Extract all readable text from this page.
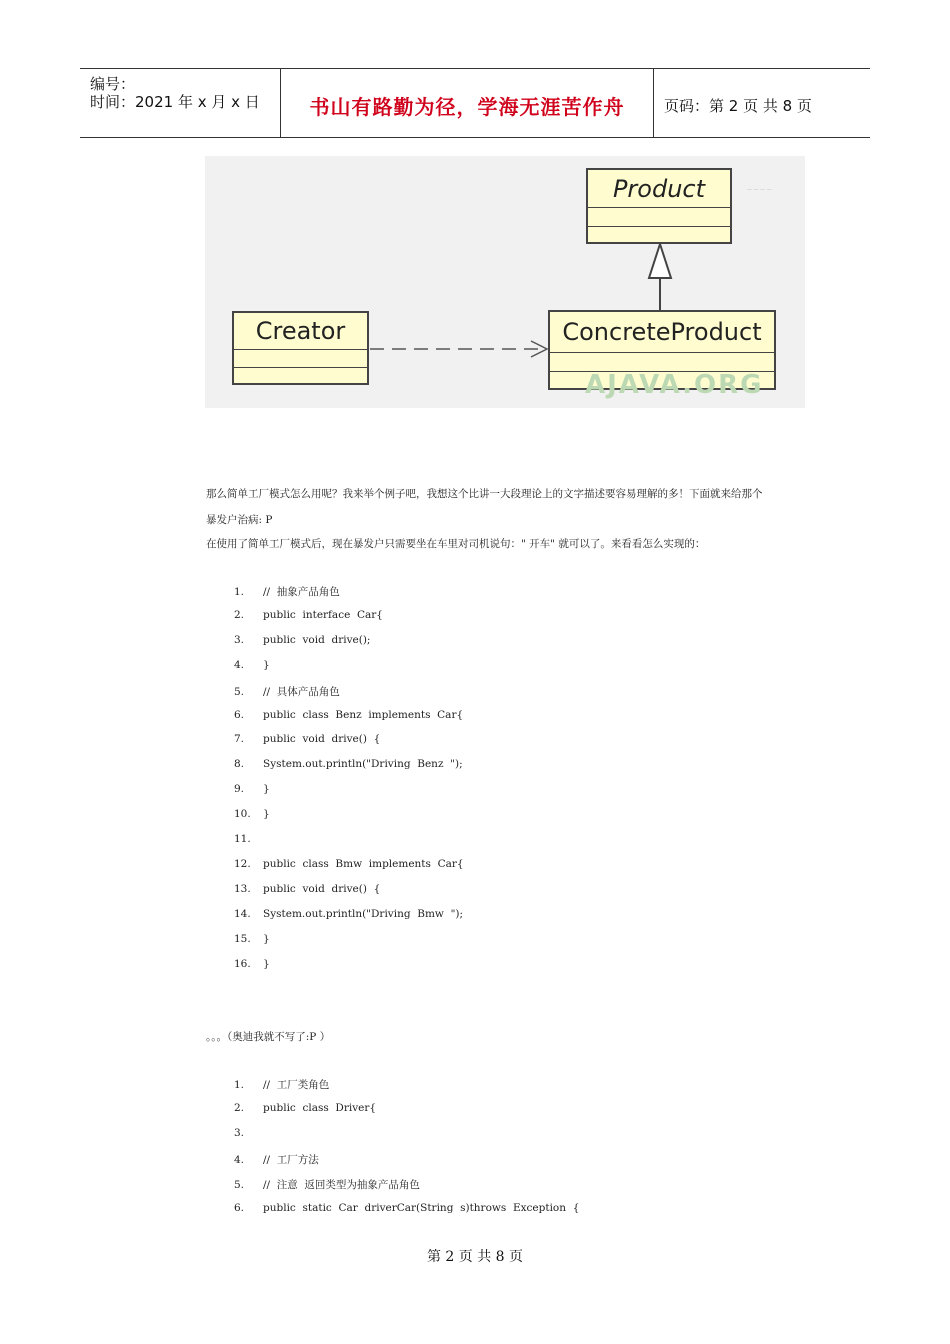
编号：
时间：2021 年 x 月 x 日	书山有路勤为径，学海无涯苦作舟	页码：第 2 页 共 8 页
Product
ConcreteProduct
Creator
— — — —
AJAVA.ORG
那么简单工厂模式怎么用呢？我来举个例子吧，我想这个比讲一大段理论上的文字描述要容易理解的多！下面就来给那个
暴发户治病: P
在使用了简单工厂模式后，现在暴发户只需要坐在车里对司机说句：" 开车" 就可以了。来看看怎么实现的：
1. //  抽象产品角色
2. public  interface  Car{
3. public  void  drive();
4. }
5. //  具体产品角色
6. public  class  Benz  implements  Car{
7. public  void  drive()  {
8. System.out.println("Driving  Benz  ");
9. }
10. }
11.
12. public  class  Bmw  implements  Car{
13. public  void  drive()  {
14. System.out.println("Driving  Bmw  ");
15. }
16. }
。。。（奥迪我就不写了:P ）
1. //  工厂类角色
2. public  class  Driver{
3.
4. //  工厂方法
5. //  注意  返回类型为抽象产品角色
6. public  static  Car  driverCar(String  s)throws  Exception  {
第 2 页 共 8 页
